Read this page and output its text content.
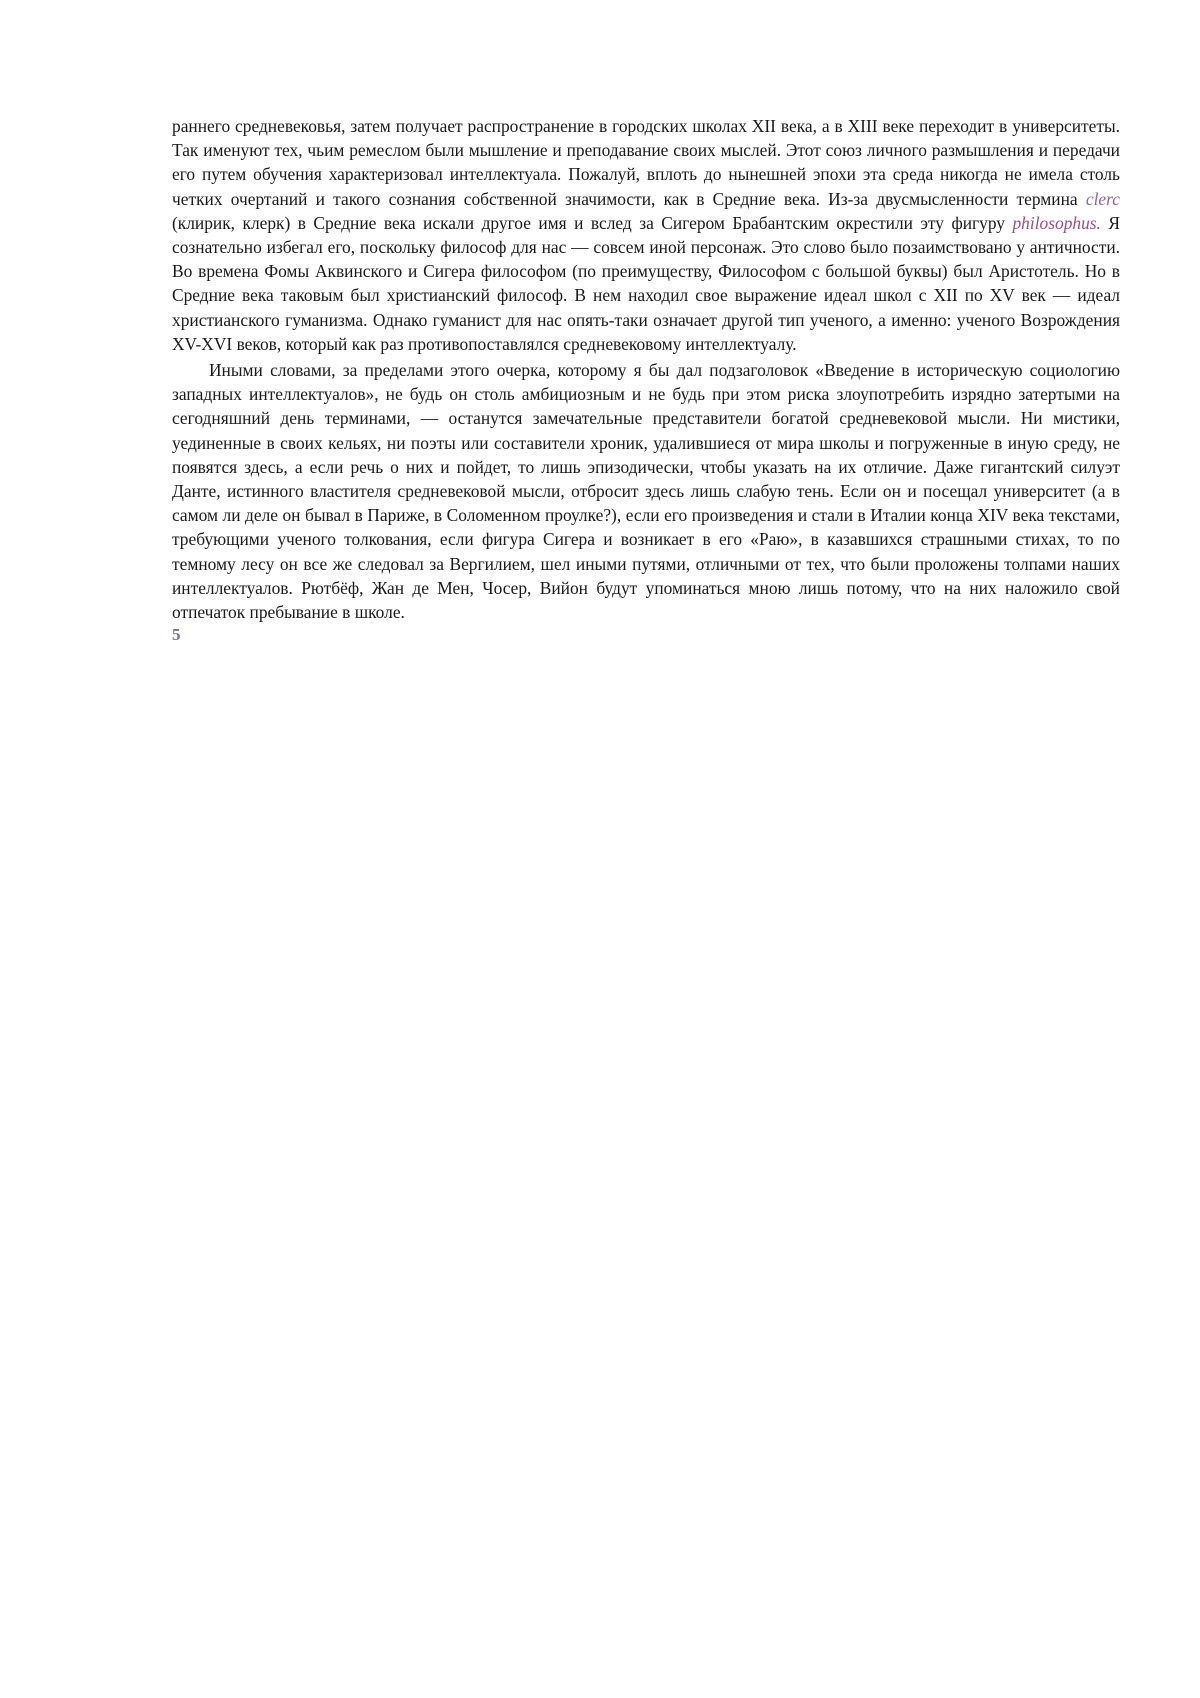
раннего средневековья, затем получает распространение в городских школах XII века, а в XIII веке переходит в университеты. Так именуют тех, чьим ремеслом были мышление и преподавание своих мыслей. Этот союз личного размышления и передачи его путем обучения характеризовал интеллектуала. Пожалуй, вплоть до нынешней эпохи эта среда никогда не имела столь четких очертаний и такого сознания собственной значимости, как в Средние века. Из-за двусмысленности термина clerc (клирик, клерк) в Средние века искали другое имя и вслед за Сигером Брабантским окрестили эту фигуру philosophus. Я сознательно избегал его, поскольку философ для нас — совсем иной персонаж. Это слово было позаимствовано у античности. Во времена Фомы Аквинского и Сигера философом (по преимуществу, Философом с большой буквы) был Аристотель. Но в Средние века таковым был христианский философ. В нем находил свое выражение идеал школ с XII по XV век — идеал христианского гуманизма. Однако гуманист для нас опять-таки означает другой тип ученого, а именно: ученого Возрождения XV-XVI веков, который как раз противопоставлялся средневековому интеллектуалу.

Иными словами, за пределами этого очерка, которому я бы дал подзаголовок «Введение в историческую социологию западных интеллектуалов», не будь он столь амбициозным и не будь при этом риска злоупотребить изрядно затертыми на сегодняшний день терминами, — останутся замечательные представители богатой средневековой мысли. Ни мистики, уединенные в своих кельях, ни поэты или составители хроник, удалившиеся от мира школы и погруженные в иную среду, не появятся здесь, а если речь о них и пойдет, то лишь эпизодически, чтобы указать на их отличие. Даже гигантский силуэт Данте, истинного властителя средневековой мысли, отбросит здесь лишь слабую тень. Если он и посещал университет (а в самом ли деле он бывал в Париже, в Соломенном проулке?), если его произведения и стали в Италии конца XIV века текстами, требующими ученого толкования, если фигура Сигера и возникает в его «Раю», в казавшихся страшными стихах, то по темному лесу он все же следовал за Вергилием, шел иными путями, отличными от тех, что были проложены толпами наших интеллектуалов. Рютбёф, Жан де Мен, Чосер, Вийон будут упоминаться мною лишь потому, что на них наложило свой отпечаток пребывание в школе.

5
